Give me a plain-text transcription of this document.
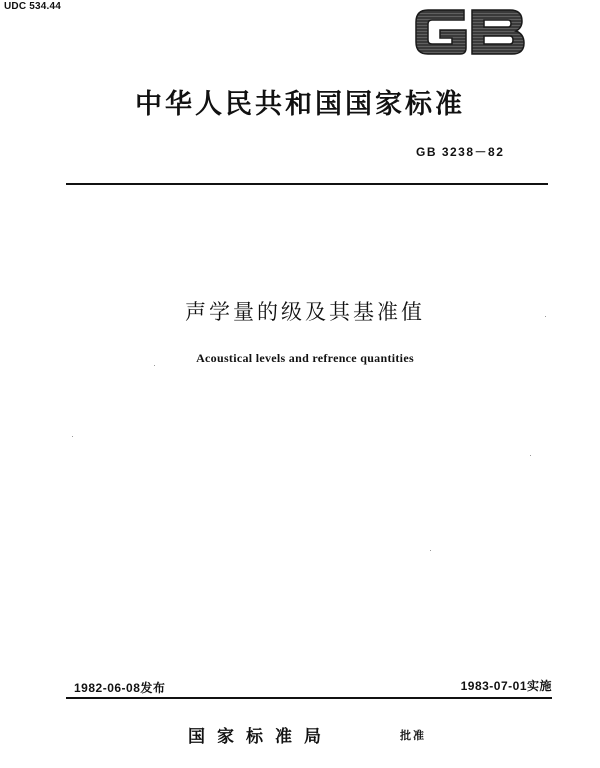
UDC 534.44
中华人民共和国国家标准
GB 3238－82
声学量的级及其基准值
Acoustical levels and refrence quantities
1982-06-08发布	1983-07-01实施
国家标准局	批准
